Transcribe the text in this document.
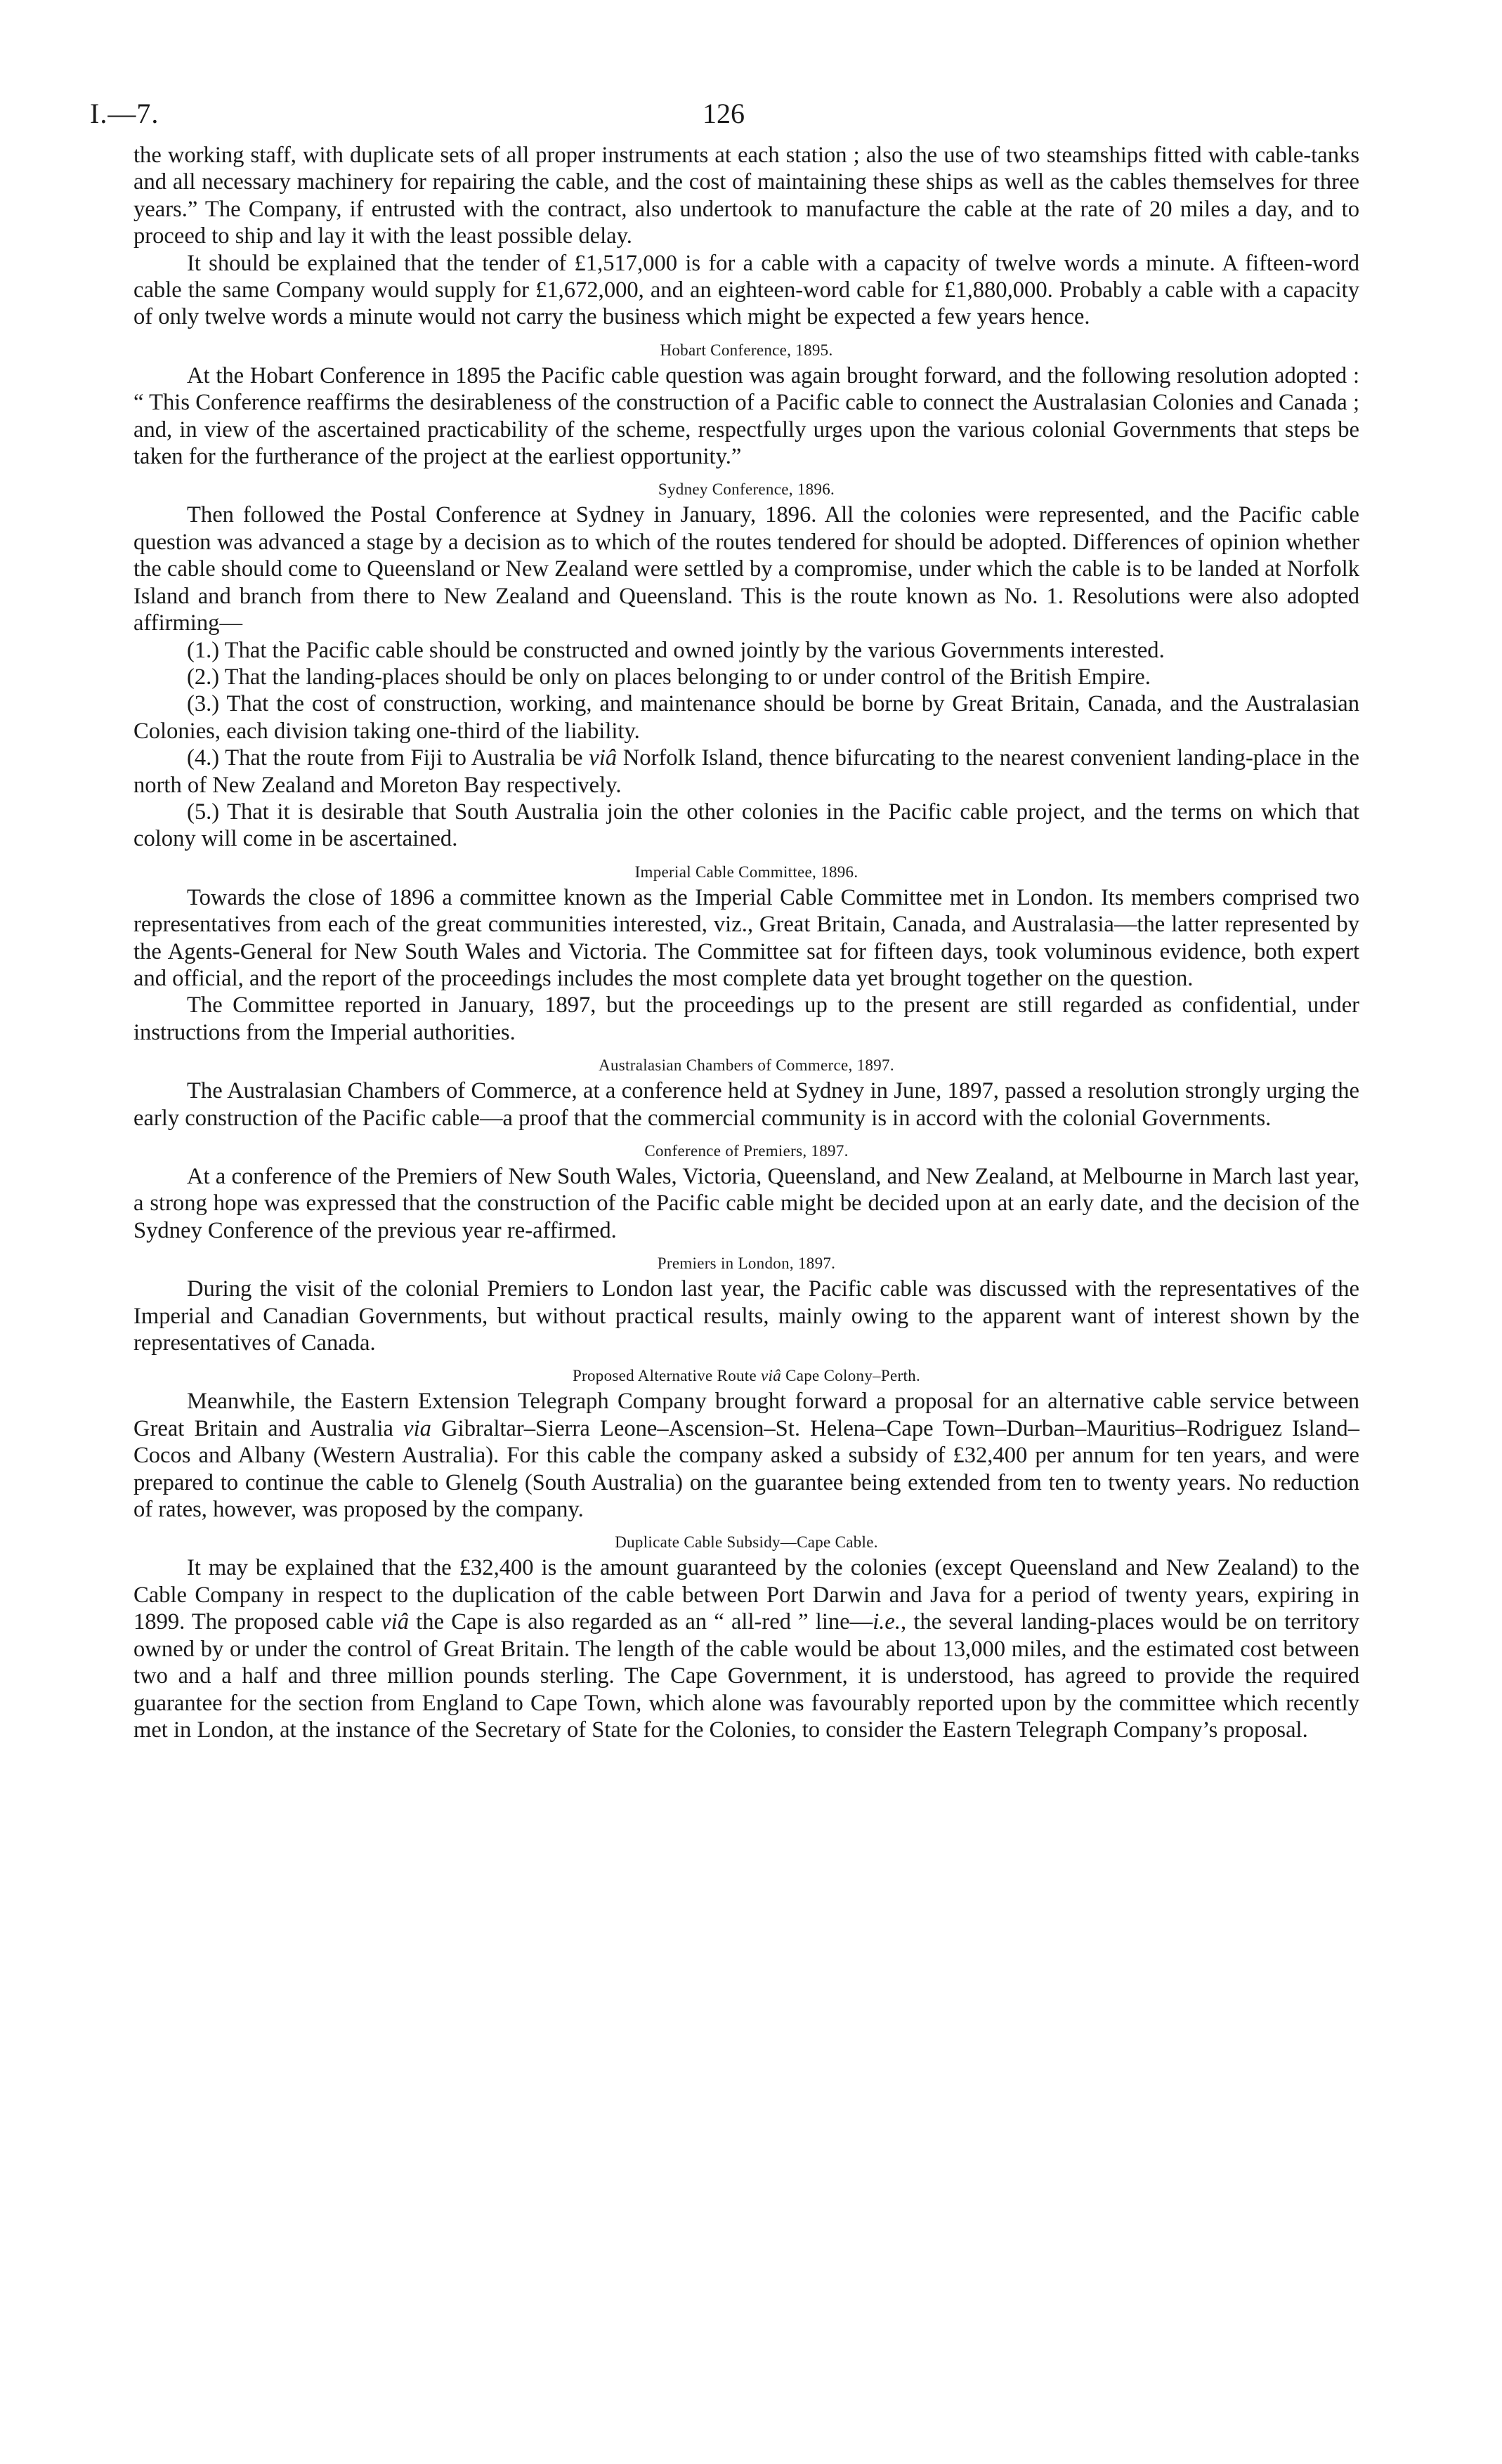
I.—7.	126

the working staff, with duplicate sets of all proper instruments at each station ; also the use of two steamships fitted with cable-tanks and all necessary machinery for repairing the cable, and the cost of maintaining these ships as well as the cables themselves for three years.” The Company, if entrusted with the contract, also undertook to manufacture the cable at the rate of 20 miles a day, and to proceed to ship and lay it with the least possible delay.

It should be explained that the tender of £1,517,000 is for a cable with a capacity of twelve words a minute. A fifteen-word cable the same Company would supply for £1,672,000, and an eighteen-word cable for £1,880,000. Probably a cable with a capacity of only twelve words a minute would not carry the business which might be expected a few years hence.

Hobart Conference, 1895.

At the Hobart Conference in 1895 the Pacific cable question was again brought forward, and the following resolution adopted : “ This Conference reaffirms the desirableness of the construction of a Pacific cable to connect the Australasian Colonies and Canada ; and, in view of the ascertained practicability of the scheme, respectfully urges upon the various colonial Governments that steps be taken for the furtherance of the project at the earliest opportunity.”

Sydney Conference, 1896.

Then followed the Postal Conference at Sydney in January, 1896. All the colonies were represented, and the Pacific cable question was advanced a stage by a decision as to which of the routes tendered for should be adopted. Differences of opinion whether the cable should come to Queensland or New Zealand were settled by a compromise, under which the cable is to be landed at Norfolk Island and branch from there to New Zealand and Queensland. This is the route known as No. 1. Resolutions were also adopted affirming—

(1.) That the Pacific cable should be constructed and owned jointly by the various Governments interested.

(2.) That the landing-places should be only on places belonging to or under control of the British Empire.

(3.) That the cost of construction, working, and maintenance should be borne by Great Britain, Canada, and the Australasian Colonies, each division taking one-third of the liability.

(4.) That the route from Fiji to Australia be viâ Norfolk Island, thence bifurcating to the nearest convenient landing-place in the north of New Zealand and Moreton Bay respectively.

(5.) That it is desirable that South Australia join the other colonies in the Pacific cable project, and the terms on which that colony will come in be ascertained.

Imperial Cable Committee, 1896.

Towards the close of 1896 a committee known as the Imperial Cable Committee met in London. Its members comprised two representatives from each of the great communities interested, viz., Great Britain, Canada, and Australasia—the latter represented by the Agents-General for New South Wales and Victoria. The Committee sat for fifteen days, took voluminous evidence, both expert and official, and the report of the proceedings includes the most complete data yet brought together on the question.

The Committee reported in January, 1897, but the proceedings up to the present are still regarded as confidential, under instructions from the Imperial authorities.

Australasian Chambers of Commerce, 1897.

The Australasian Chambers of Commerce, at a conference held at Sydney in June, 1897, passed a resolution strongly urging the early construction of the Pacific cable—a proof that the commercial community is in accord with the colonial Governments.

Conference of Premiers, 1897.

At a conference of the Premiers of New South Wales, Victoria, Queensland, and New Zealand, at Melbourne in March last year, a strong hope was expressed that the construction of the Pacific cable might be decided upon at an early date, and the decision of the Sydney Conference of the previous year re-affirmed.

Premiers in London, 1897.

During the visit of the colonial Premiers to London last year, the Pacific cable was discussed with the representatives of the Imperial and Canadian Governments, but without practical results, mainly owing to the apparent want of interest shown by the representatives of Canada.

Proposed Alternative Route viâ Cape Colony–Perth.

Meanwhile, the Eastern Extension Telegraph Company brought forward a proposal for an alternative cable service between Great Britain and Australia via Gibraltar–Sierra Leone–Ascension–St. Helena–Cape Town–Durban–Mauritius–Rodriguez Island–Cocos and Albany (Western Australia). For this cable the company asked a subsidy of £32,400 per annum for ten years, and were prepared to continue the cable to Glenelg (South Australia) on the guarantee being extended from ten to twenty years. No reduction of rates, however, was proposed by the company.

Duplicate Cable Subsidy—Cape Cable.

It may be explained that the £32,400 is the amount guaranteed by the colonies (except Queensland and New Zealand) to the Cable Company in respect to the duplication of the cable between Port Darwin and Java for a period of twenty years, expiring in 1899. The proposed cable viâ the Cape is also regarded as an “ all-red ” line—i.e., the several landing-places would be on territory owned by or under the control of Great Britain. The length of the cable would be about 13,000 miles, and the estimated cost between two and a half and three million pounds sterling. The Cape Government, it is understood, has agreed to provide the required guarantee for the section from England to Cape Town, which alone was favourably reported upon by the committee which recently met in London, at the instance of the Secretary of State for the Colonies, to consider the Eastern Telegraph Company’s proposal.
